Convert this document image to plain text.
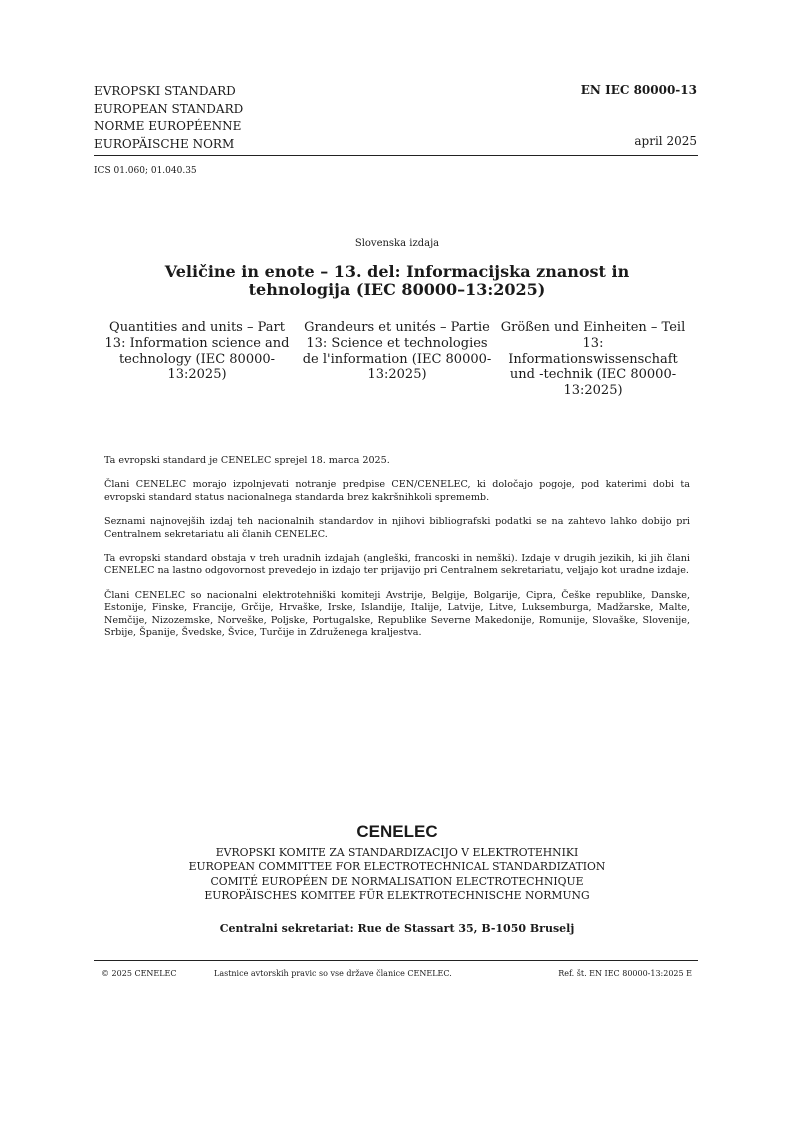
EVROPSKI STANDARD
EUROPEAN STANDARD
NORME EUROPÉENNE
EUROPÄISCHE NORM
EN IEC 80000-13
april 2025
ICS 01.060; 01.040.35
Slovenska izdaja
Veličine in enote – 13. del: Informacijska znanost in tehnologija (IEC 80000–13:2025)
Quantities and units – Part 13: Information science and technology (IEC 80000-13:2025)
Grandeurs et unités – Partie 13: Science et technologies de l'information (IEC 80000-13:2025)
Größen und Einheiten – Teil 13: Informationswissenschaft und -technik (IEC 80000-13:2025)

Ta evropski standard je CENELEC sprejel 18. marca 2025.

Člani CENELEC morajo izpolnjevati notranje predpise CEN/CENELEC, ki določajo pogoje, pod katerimi dobi ta evropski standard status nacionalnega standarda brez kakršnihkoli sprememb.

Seznami najnovejših izdaj teh nacionalnih standardov in njihovi bibliografski podatki se na zahtevo lahko dobijo pri Centralnem sekretariatu ali članih CENELEC.

Ta evropski standard obstaja v treh uradnih izdajah (angleški, francoski in nemški). Izdaje v drugih jezikih, ki jih člani CENELEC na lastno odgovornost prevedejo in izdajo ter prijavijo pri Centralnem sekretariatu, veljajo kot uradne izdaje.

Člani CENELEC so nacionalni elektrotehniški komiteji Avstrije, Belgije, Bolgarije, Cipra, Češke republike, Danske, Estonije, Finske, Francije, Grčije, Hrvaške, Irske, Islandije, Italije, Latvije, Litve, Luksemburga, Madžarske, Malte, Nemčije, Nizozemske, Norveške, Poljske, Portugalske, Republike Severne Makedonije, Romunije, Slovaške, Slovenije, Srbije, Španije, Švedske, Švice, Turčije in Združenega kraljestva.

CENELEC
EVROPSKI KOMITE ZA STANDARDIZACIJO V ELEKTROTEHNIKI
EUROPEAN COMMITTEE FOR ELECTROTECHNICAL STANDARDIZATION
COMITÉ EUROPÉEN DE NORMALISATION ELECTROTECHNIQUE
EUROPÄISCHES KOMITEE FÜR ELEKTROTECHNISCHE NORMUNG
Centralni sekretariat: Rue de Stassart 35, B-1050 Bruselj
© 2025 CENELEC	Lastnice avtorskih pravic so vse države članice CENELEC.	Ref. št. EN IEC 80000-13:2025 E
